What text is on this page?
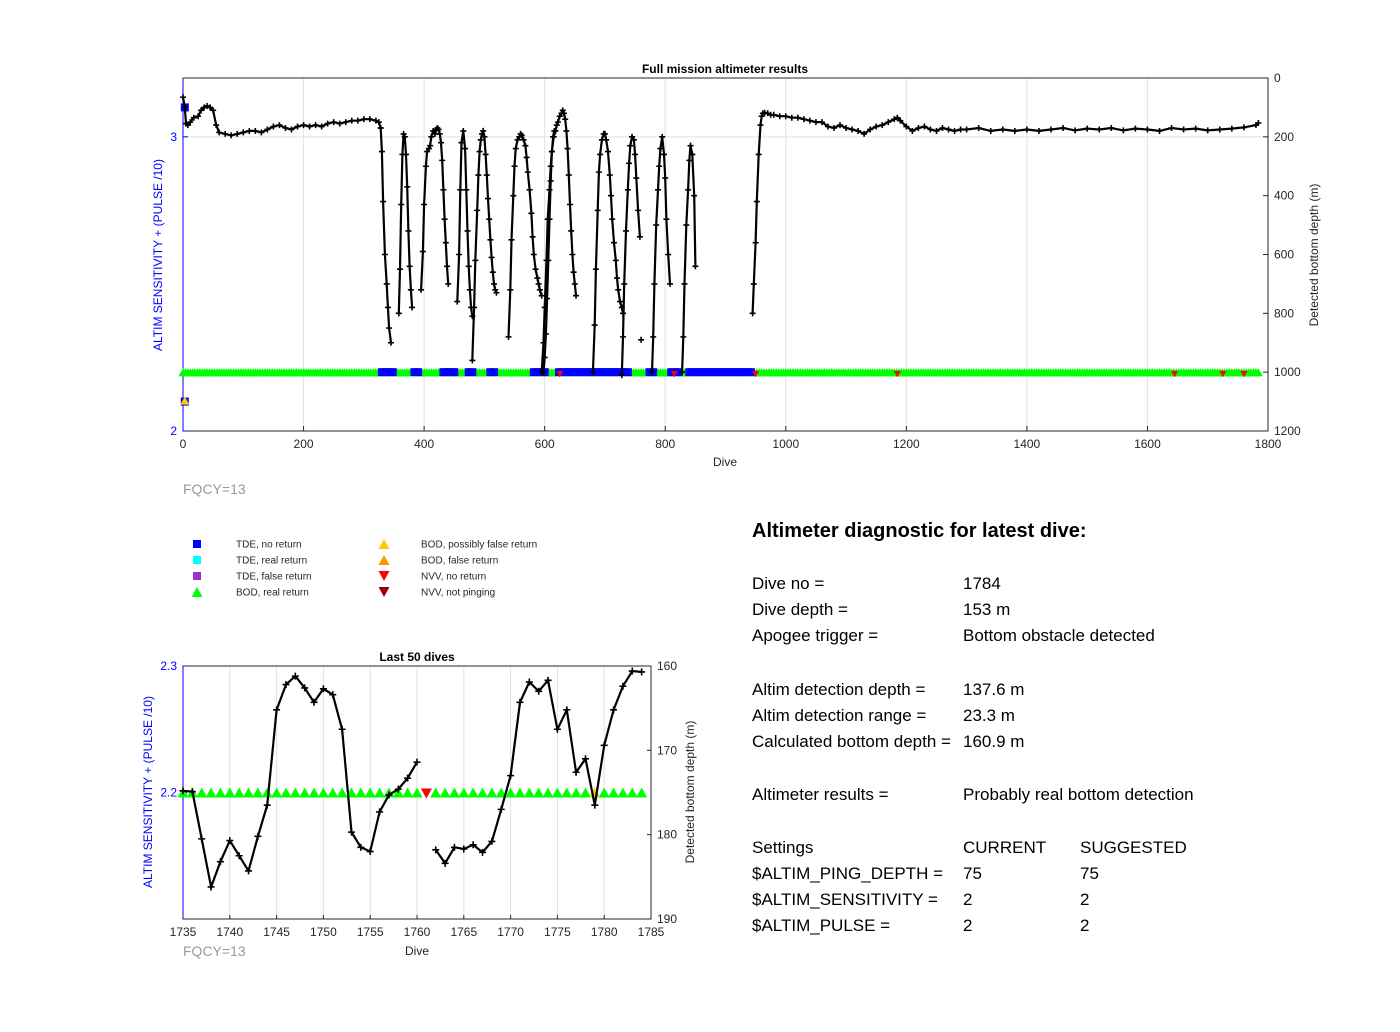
Full mission altimeter results
Dive
ALTIM SENSITIVITY + (PULSE /10)	Detected bottom depth (m)
0	200	400	600	800	1000	1200	1400	1600	1800
2
3
0
200
400
600
800
1000
1200
FQCY=13
TDE, no return
TDE, real return
TDE, false return
BOD, real return
BOD, possibly false return
BOD, false return
NVV, no return
NVV, not pinging
Last 50 dives
Dive
ALTIM SENSITIVITY + (PULSE /10)	Detected bottom depth (m)
1735 1740 1745 1750 1755 1760 1765 1770 1775 1780 1785
2.2
2.3	160
170
180
190
FQCY=13
Altimeter diagnostic for latest dive:
Dive no =	1784
Dive depth =	153 m
Apogee trigger =	Bottom obstacle detected
Altim detection depth = 137.6 m
Altim detection range = 23.3 m
Calculated bottom depth = 160.9 m
Altimeter results =	Probably real bottom detection
Settings	CURRENT SUGGESTED
$ALTIM_PING_DEPTH = 75	75
$ALTIM_SENSITIVITY = 2	2
$ALTIM_PULSE =	2	2
